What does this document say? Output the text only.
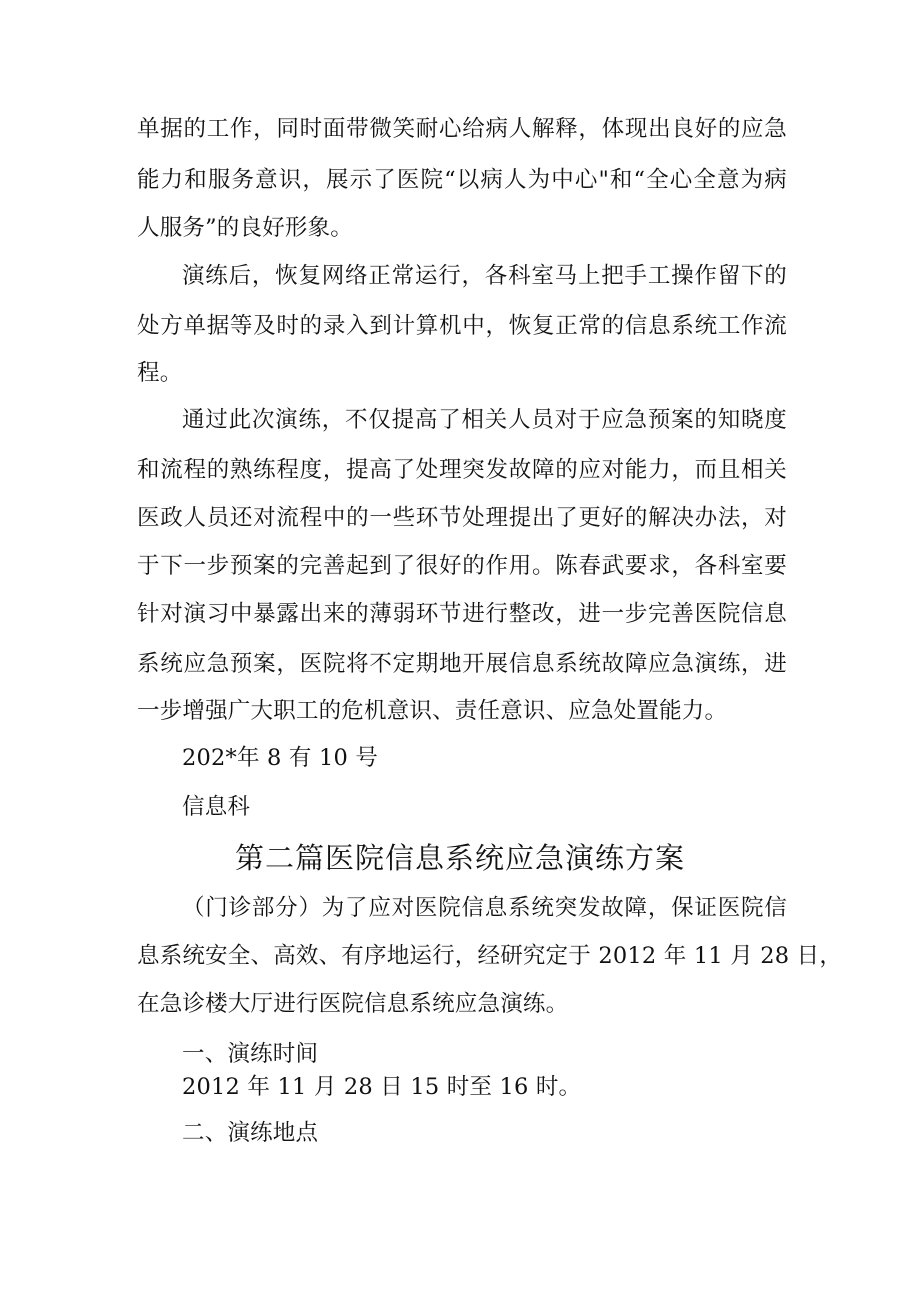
单据的工作，同时面带微笑耐心给病人解释，体现出良好的应急
能力和服务意识，展示了医院“以病人为中心"和“全心全意为病
人服务”的良好形象。
演练后，恢复网络正常运行，各科室马上把手工操作留下的
处方单据等及时的录入到计算机中，恢复正常的信息系统工作流
程。
通过此次演练，不仅提高了相关人员对于应急预案的知晓度
和流程的熟练程度，提高了处理突发故障的应对能力，而且相关
医政人员还对流程中的一些环节处理提出了更好的解决办法，对
于下一步预案的完善起到了很好的作用。陈春武要求，各科室要
针对演习中暴露出来的薄弱环节进行整改，进一步完善医院信息
系统应急预案，医院将不定期地开展信息系统故障应急演练，进
一步增强广大职工的危机意识、责任意识、应急处置能力。
202*年 8 有 10 号
信息科
第二篇医院信息系统应急演练方案
（门诊部分）为了应对医院信息系统突发故障，保证医院信
息系统安全、高效、有序地运行，经研究定于 2012 年 11 月 28 日，
在急诊楼大厅进行医院信息系统应急演练。
一、演练时间
2012 年 11 月 28 日 15 时至 16 时。
二、演练地点
